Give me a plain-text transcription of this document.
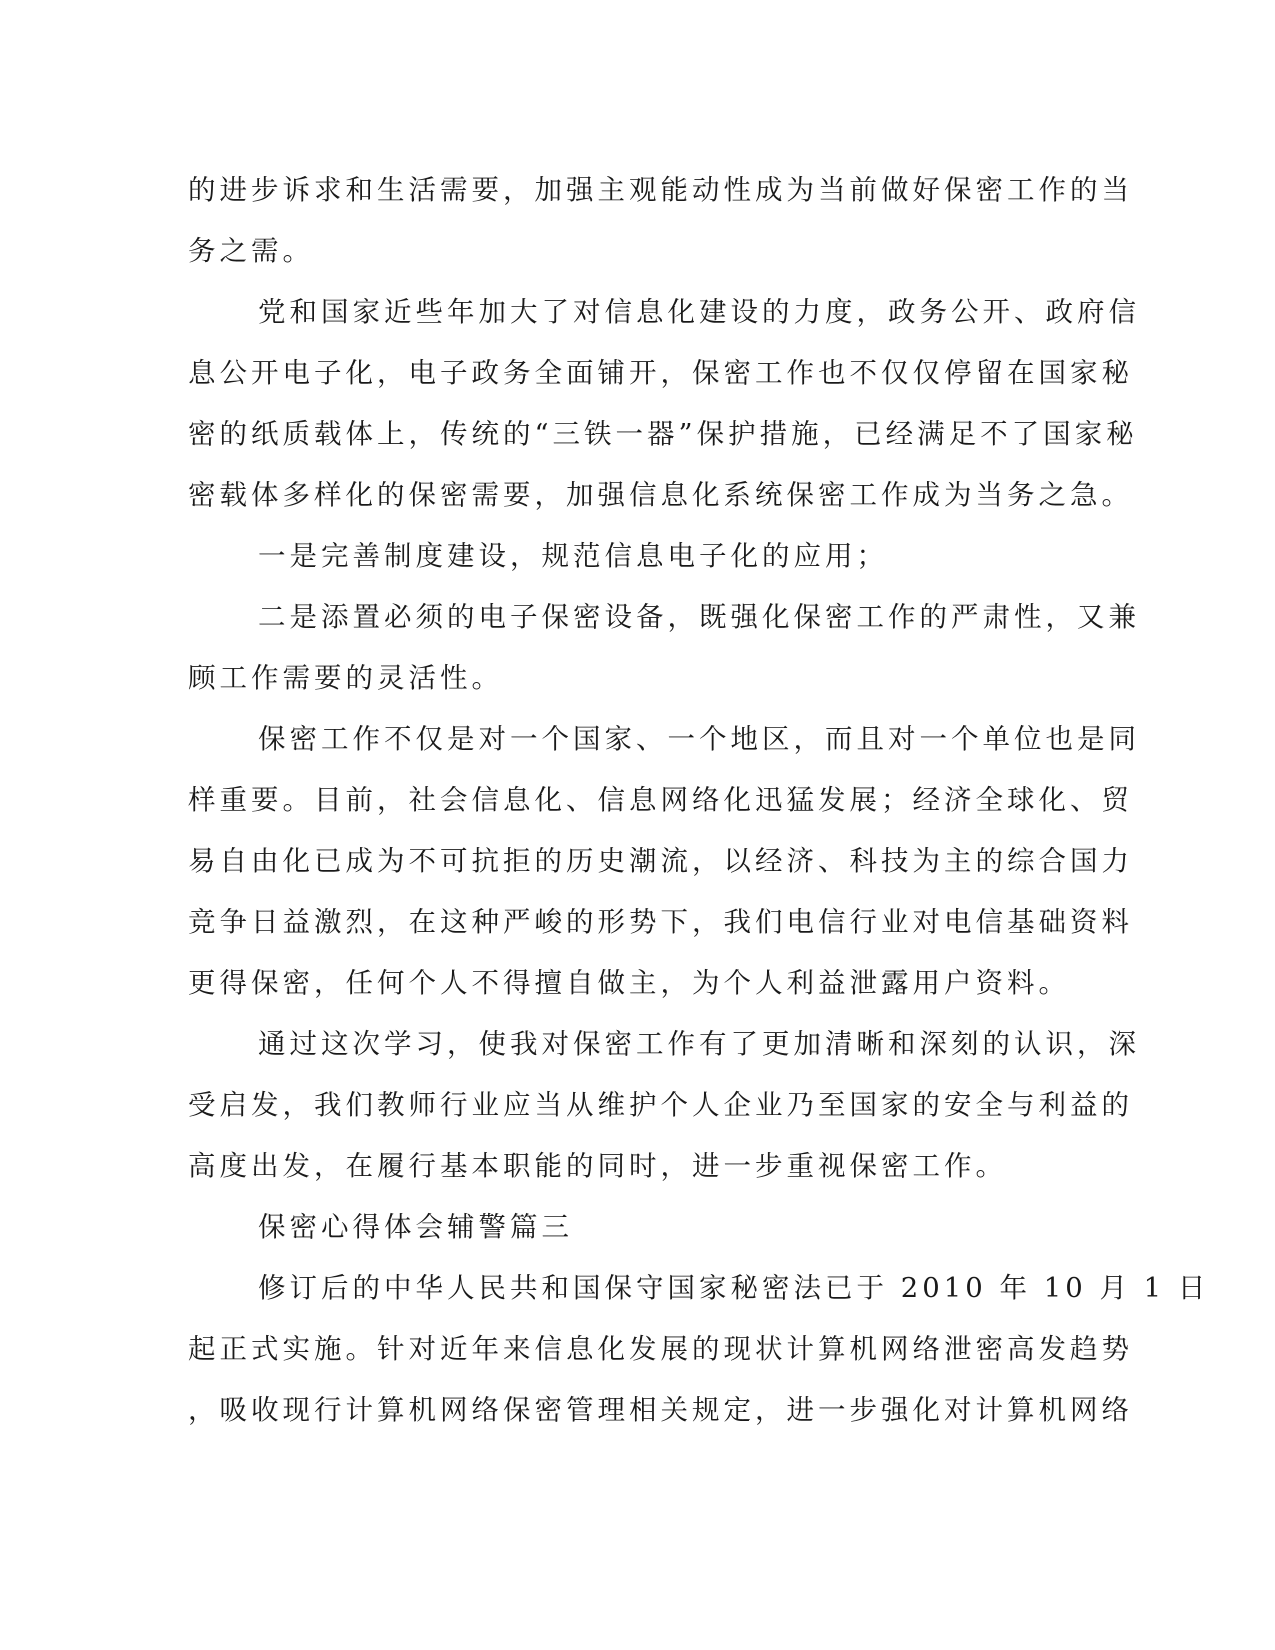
的进步诉求和生活需要，加强主观能动性成为当前做好保密工作的当
务之需。
党和国家近些年加大了对信息化建设的力度，政务公开、政府信
息公开电子化，电子政务全面铺开，保密工作也不仅仅停留在国家秘
密的纸质载体上，传统的“三铁一器”保护措施，已经满足不了国家秘
密载体多样化的保密需要，加强信息化系统保密工作成为当务之急。
一是完善制度建设，规范信息电子化的应用；
二是添置必须的电子保密设备，既强化保密工作的严肃性，又兼
顾工作需要的灵活性。
保密工作不仅是对一个国家、一个地区，而且对一个单位也是同
样重要。目前，社会信息化、信息网络化迅猛发展；经济全球化、贸
易自由化已成为不可抗拒的历史潮流，以经济、科技为主的综合国力
竞争日益激烈，在这种严峻的形势下，我们电信行业对电信基础资料
更得保密，任何个人不得擅自做主，为个人利益泄露用户资料。
通过这次学习，使我对保密工作有了更加清晰和深刻的认识，深
受启发，我们教师行业应当从维护个人企业乃至国家的安全与利益的
高度出发，在履行基本职能的同时，进一步重视保密工作。
保密心得体会辅警篇三
修订后的中华人民共和国保守国家秘密法已于 2010 年 10 月 1 日
起正式实施。针对近年来信息化发展的现状计算机网络泄密高发趋势
，吸收现行计算机网络保密管理相关规定，进一步强化对计算机网络
